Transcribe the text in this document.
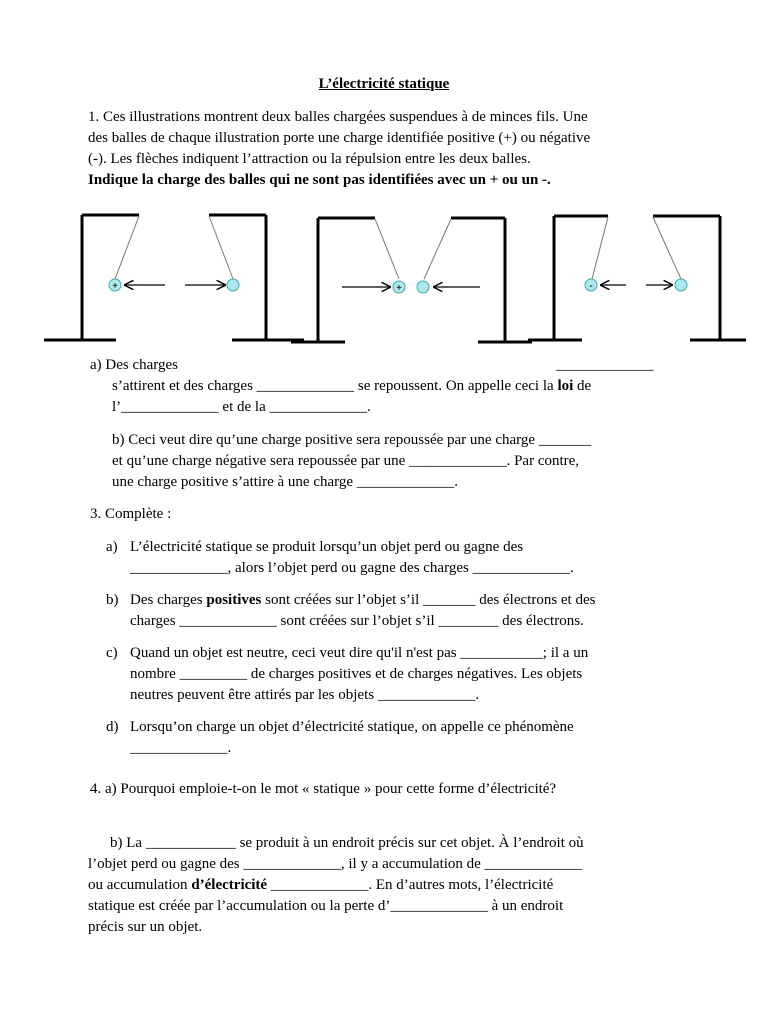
L’électricité statique
1. Ces illustrations montrent deux balles chargées suspendues à de minces fils. Une
des balles de chaque illustration porte une charge identifiée positive (+) ou négative
(-). Les flèches indiquent l’attraction ou la répulsion entre les deux balles.
Indique la charge des balles qui ne sont pas identifiées avec un + ou un -.
+	+	-
a) Des charges	_____________
s’attirent et des charges _____________ se repoussent. On appelle ceci la loi de
l’_____________ et de la _____________.
b) Ceci veut dire qu’une charge positive sera repoussée par une charge _______
et qu’une charge négative sera repoussée par une _____________. Par contre,
une charge positive s’attire à une charge _____________.
3. Complète :
a) L’électricité statique se produit lorsqu’un objet perd ou gagne des
_____________, alors l’objet perd ou gagne des charges _____________.
b) Des charges positives sont créées sur l’objet s’il _______ des électrons et des
charges _____________ sont créées sur l’objet s’il ________ des électrons.
c) Quand un objet est neutre, ceci veut dire qu'il n'est pas ___________; il a un
nombre _________ de charges positives et de charges négatives. Les objets
neutres peuvent être attirés par les objets _____________.
d) Lorsqu’on charge un objet d’électricité statique, on appelle ce phénomène
_____________.
4. a) Pourquoi emploie-t-on le mot « statique » pour cette forme d’électricité?
b) La ____________ se produit à un endroit précis sur cet objet. À l’endroit où
l’objet perd ou gagne des _____________, il y a accumulation de _____________
ou accumulation d’électricité _____________. En d’autres mots, l’électricité
statique est créée par l’accumulation ou la perte d’_____________ à un endroit
précis sur un objet.
